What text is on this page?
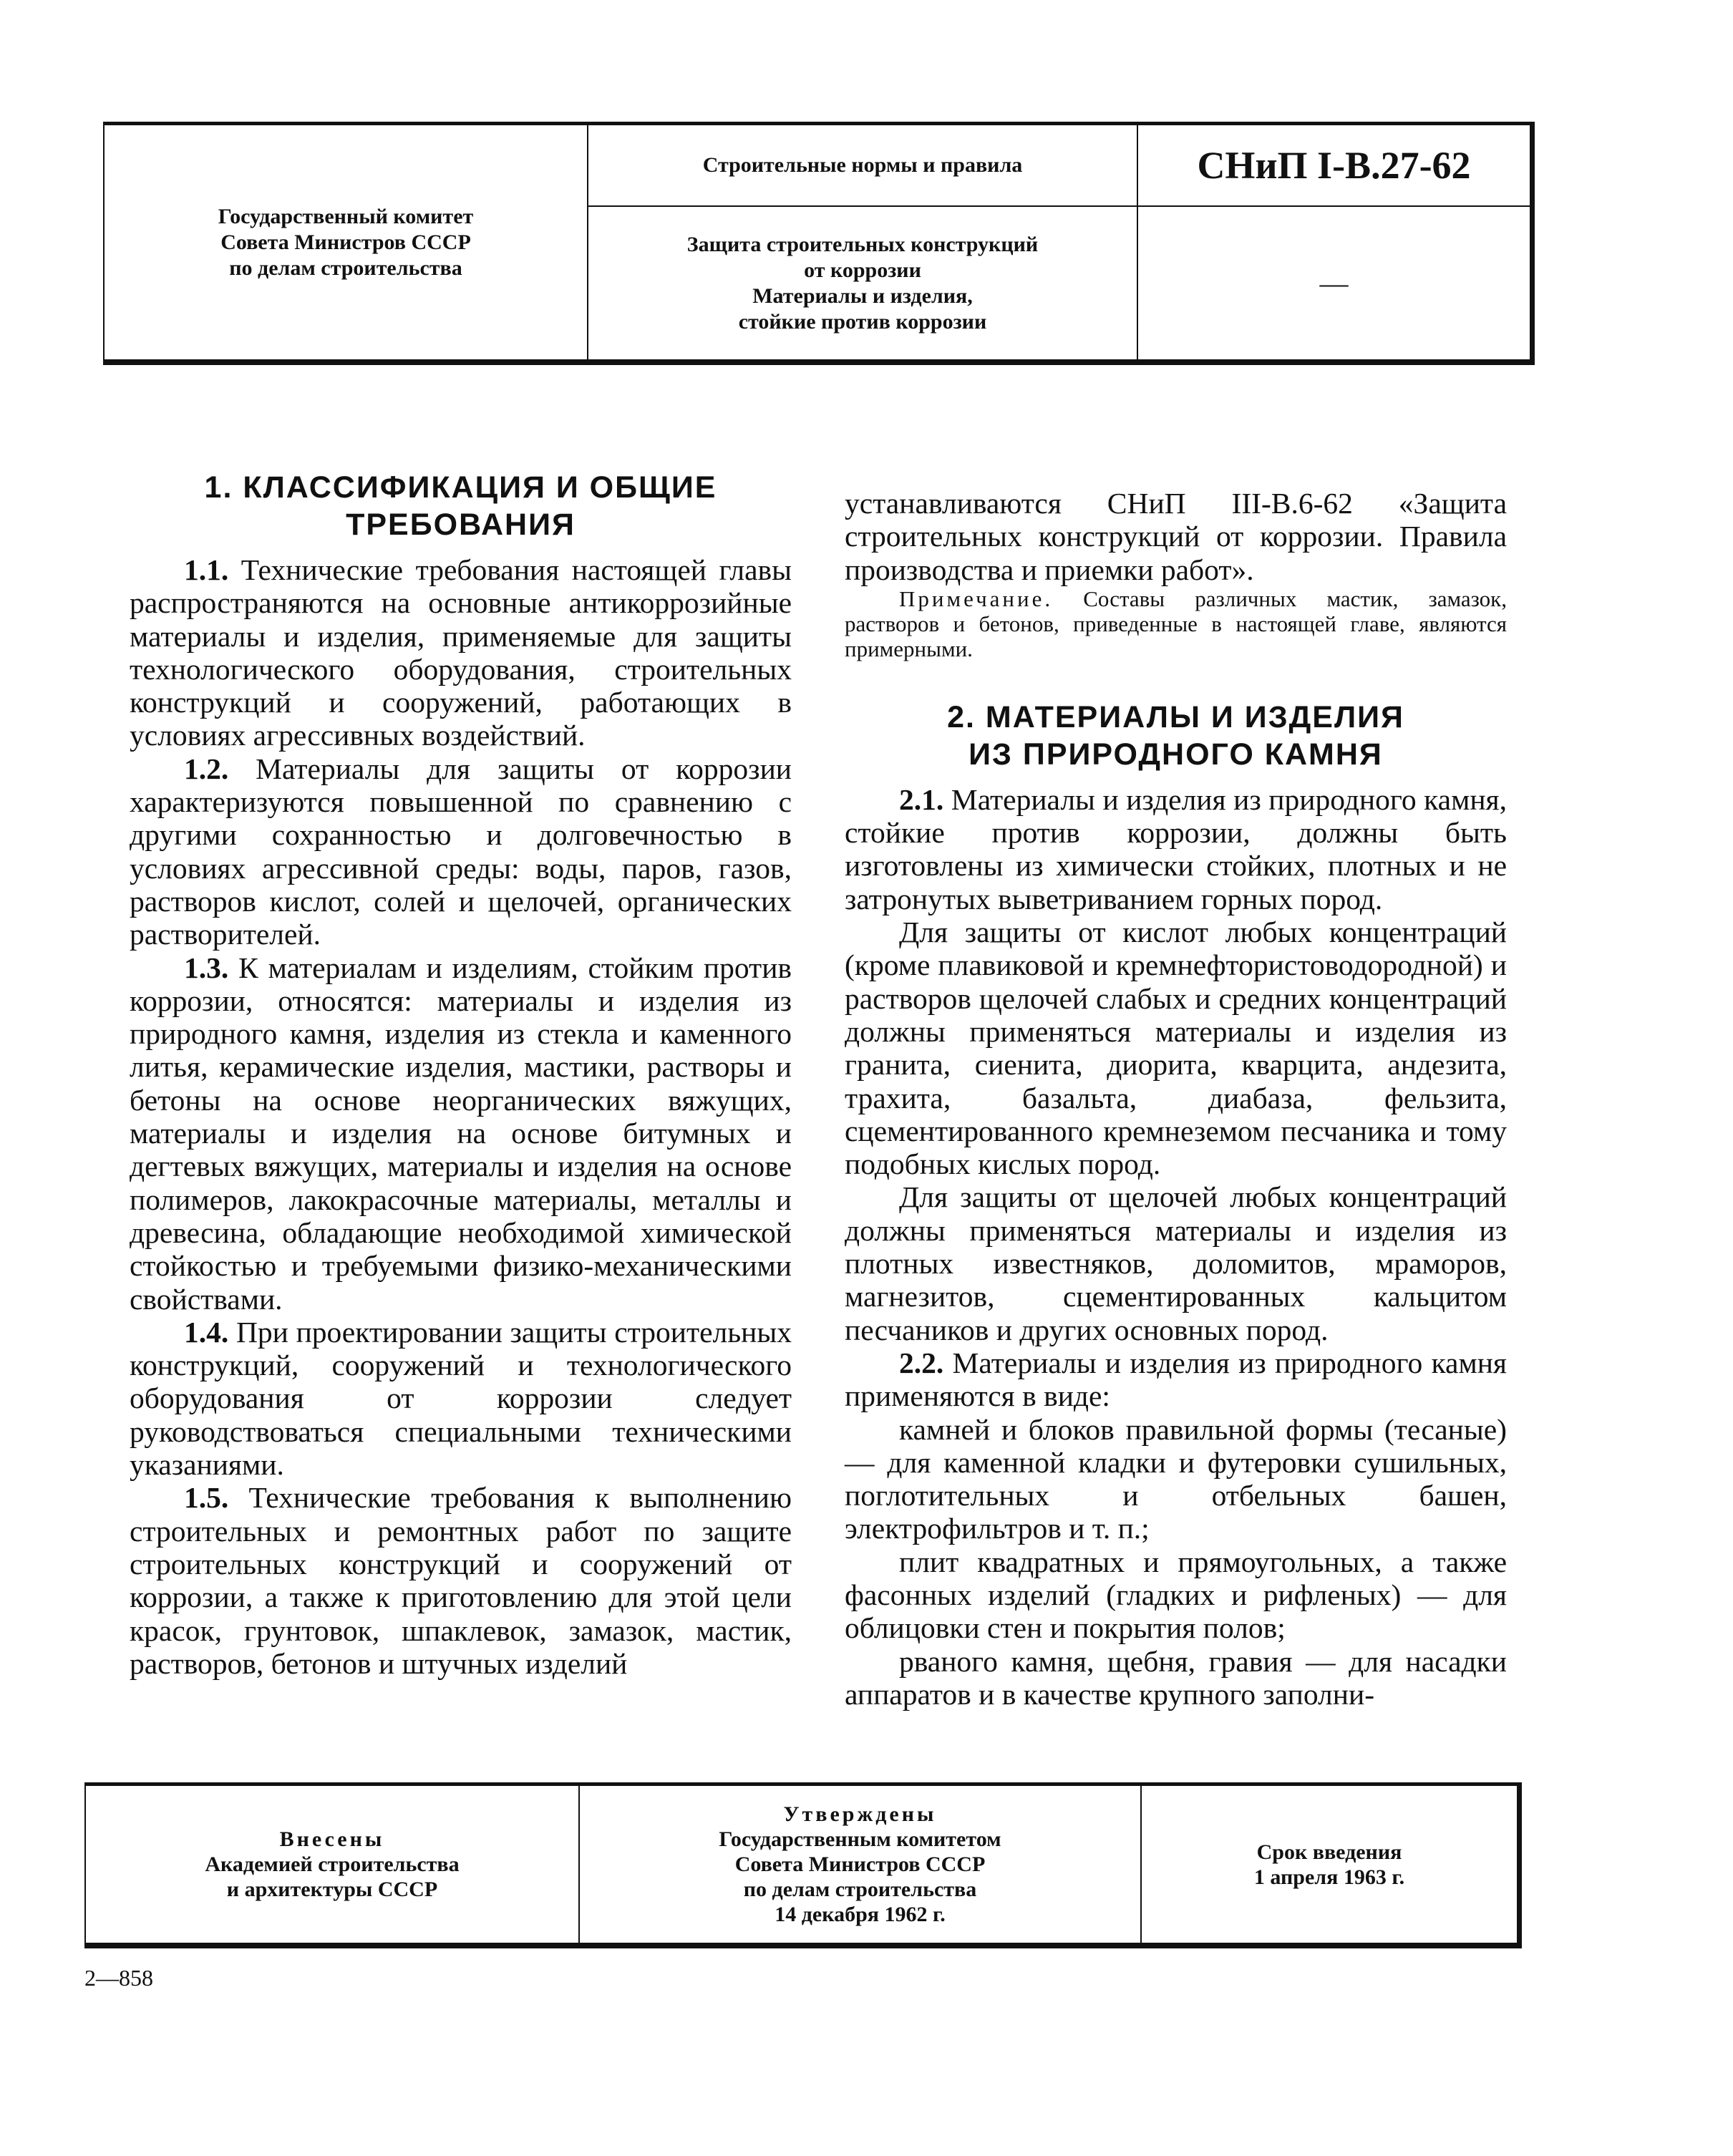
Государственный комитет
Совета Министров СССР
по делам строительства
Строительные нормы и правила
Защита строительных конструкций
от коррозии
Материалы и изделия,
стойкие против коррозии
СНиП I-В.27-62
—
1. КЛАССИФИКАЦИЯ И ОБЩИЕ
ТРЕБОВАНИЯ

1.1. Технические требования настоящей главы распространяются на основные антикоррозийные материалы и изделия, применяемые для защиты технологического оборудования, строительных конструкций и сооружений, работающих в условиях агрессивных воздействий.

1.2. Материалы для защиты от коррозии характеризуются повышенной по сравнению с другими сохранностью и долговечностью в условиях агрессивной среды: воды, паров, газов, растворов кислот, солей и щелочей, органических растворителей.

1.3. К материалам и изделиям, стойким против коррозии, относятся: материалы и изделия из природного камня, изделия из стекла и каменного литья, керамические изделия, мастики, растворы и бетоны на основе неорганических вяжущих, материалы и изделия на основе битумных и дегтевых вяжущих, материалы и изделия на основе полимеров, лакокрасочные материалы, металлы и древесина, обладающие необходимой химической стойкостью и требуемыми физико-механическими свойствами.

1.4. При проектировании защиты строительных конструкций, сооружений и технологического оборудования от коррозии следует руководствоваться специальными техническими указаниями.

1.5. Технические требования к выполнению строительных и ремонтных работ по защите строительных конструкций и сооружений от коррозии, а также к приготовлению для этой цели красок, грунтовок, шпаклевок, замазок, мастик, растворов, бетонов и штучных изделий

устанавливаются СНиП III-В.6-62 «Защита строительных конструкций от коррозии. Правила производства и приемки работ».

Примечание. Составы различных мастик, замазок, растворов и бетонов, приведенные в настоящей главе, являются примерными.

2. МАТЕРИАЛЫ И ИЗДЕЛИЯ
ИЗ ПРИРОДНОГО КАМНЯ

2.1. Материалы и изделия из природного камня, стойкие против коррозии, должны быть изготовлены из химически стойких, плотных и не затронутых выветриванием горных пород.

Для защиты от кислот любых концентраций (кроме плавиковой и кремнефтористоводородной) и растворов щелочей слабых и средних концентраций должны применяться материалы и изделия из гранита, сиенита, диорита, кварцита, андезита, трахита, базальта, диабаза, фельзита, сцементированного кремнеземом песчаника и тому подобных кислых пород.

Для защиты от щелочей любых концентраций должны применяться материалы и изделия из плотных известняков, доломитов, мраморов, магнезитов, сцементированных кальцитом песчаников и других основных пород.

2.2. Материалы и изделия из природного камня применяются в виде:

камней и блоков правильной формы (тесаные) — для каменной кладки и футеровки сушильных, поглотительных и отбельных башен, электрофильтров и т. п.;

плит квадратных и прямоугольных, а также фасонных изделий (гладких и рифленых) — для облицовки стен и покрытия полов;

рваного камня, щебня, гравия — для насадки аппаратов и в качестве крупного заполни-

Внесены
Академией строительства
и архитектуры СССР
Утверждены
Государственным комитетом
Совета Министров СССР
по делам строительства
14 декабря 1962 г.
Срок введения
1 апреля 1963 г.
2—858
